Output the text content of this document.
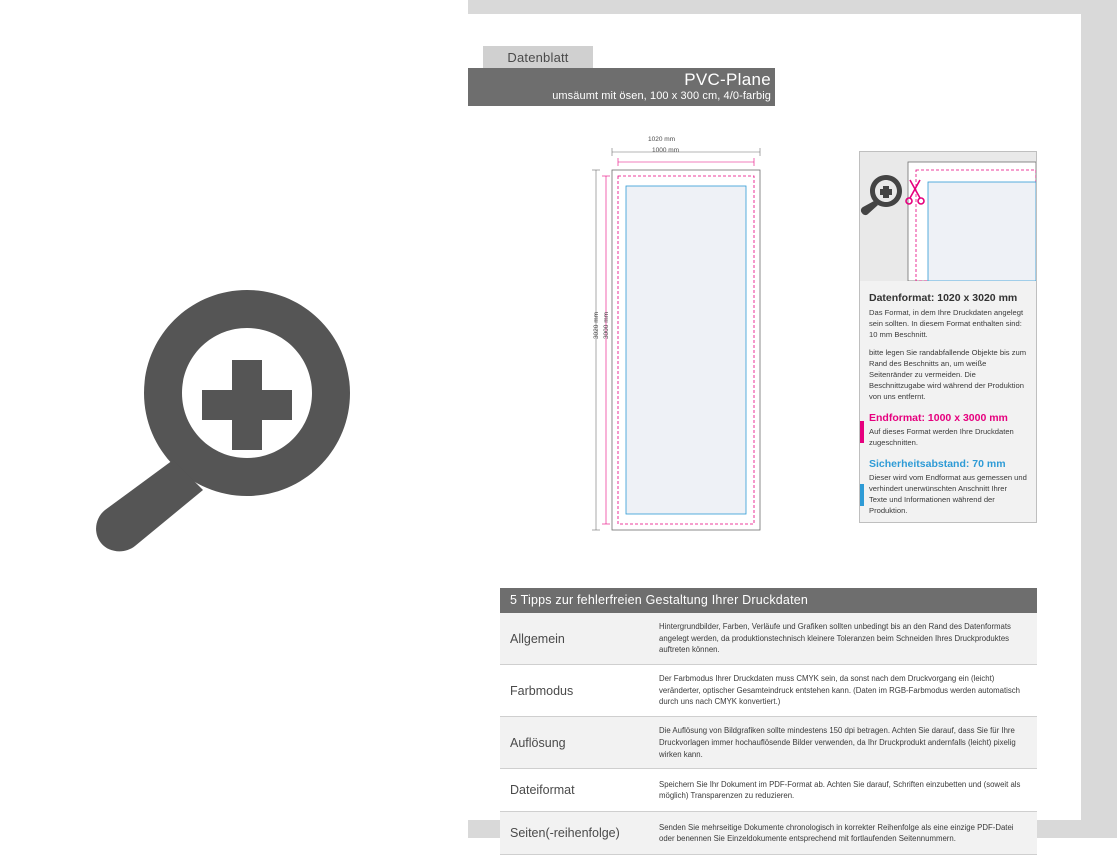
Datenblatt
PVC-Plane
umsäumt mit ösen, 100 x 300 cm, 4/0-farbig
1020 mm
1000 mm
3020 mm 3000 mm

Datenformat: 1020 x 3020 mm

Das Format, in dem Ihre Druckdaten angelegt sein sollten. In diesem Format enthalten sind: 10 mm Beschnitt.

bitte legen Sie randabfallende Objekte bis zum Rand des Beschnitts an, um weiße Seitenränder zu vermeiden. Die Beschnittzugabe wird während der Produktion von uns entfernt.

Endformat: 1000 x 3000 mm

Auf dieses Format werden Ihre Druckdaten zugeschnitten.

Sicherheitsabstand: 70 mm

Dieser wird vom Endformat aus gemessen und verhindert unerwünschten Anschnitt Ihrer Texte und Informationen während der Produktion.

5 Tipps zur fehlerfreien Gestaltung Ihrer Druckdaten
Allgemein
Hintergrundbilder, Farben, Verläufe und Grafiken sollten unbedingt bis an den Rand des Datenformats angelegt werden, da produktionstechnisch kleinere Toleranzen beim Schneiden Ihres Druckproduktes auftreten können.
Farbmodus
Der Farbmodus Ihrer Druckdaten muss CMYK sein, da sonst nach dem Druckvorgang ein (leicht) veränderter, optischer Gesamteindruck entstehen kann. (Daten im RGB-Farbmodus werden automatisch durch uns nach CMYK konvertiert.)
Auflösung
Die Auflösung von Bildgrafiken sollte mindestens 150 dpi betragen. Achten Sie darauf, dass Sie für Ihre Druckvorlagen immer hochauflösende Bilder verwenden, da Ihr Druckprodukt andernfalls (leicht) pixelig wirken kann.
Dateiformat	Speichern Sie Ihr Dokument im PDF-Format ab. Achten Sie darauf, Schriften einzubetten und (soweit als möglich) Transparenzen zu reduzieren.
Seiten(-reihenfolge)	Senden Sie mehrseitige Dokumente chronologisch in korrekter Reihenfolge als eine einzige PDF-Datei oder benennen Sie Einzeldokumente entsprechend mit fortlaufenden Seitennummern.
